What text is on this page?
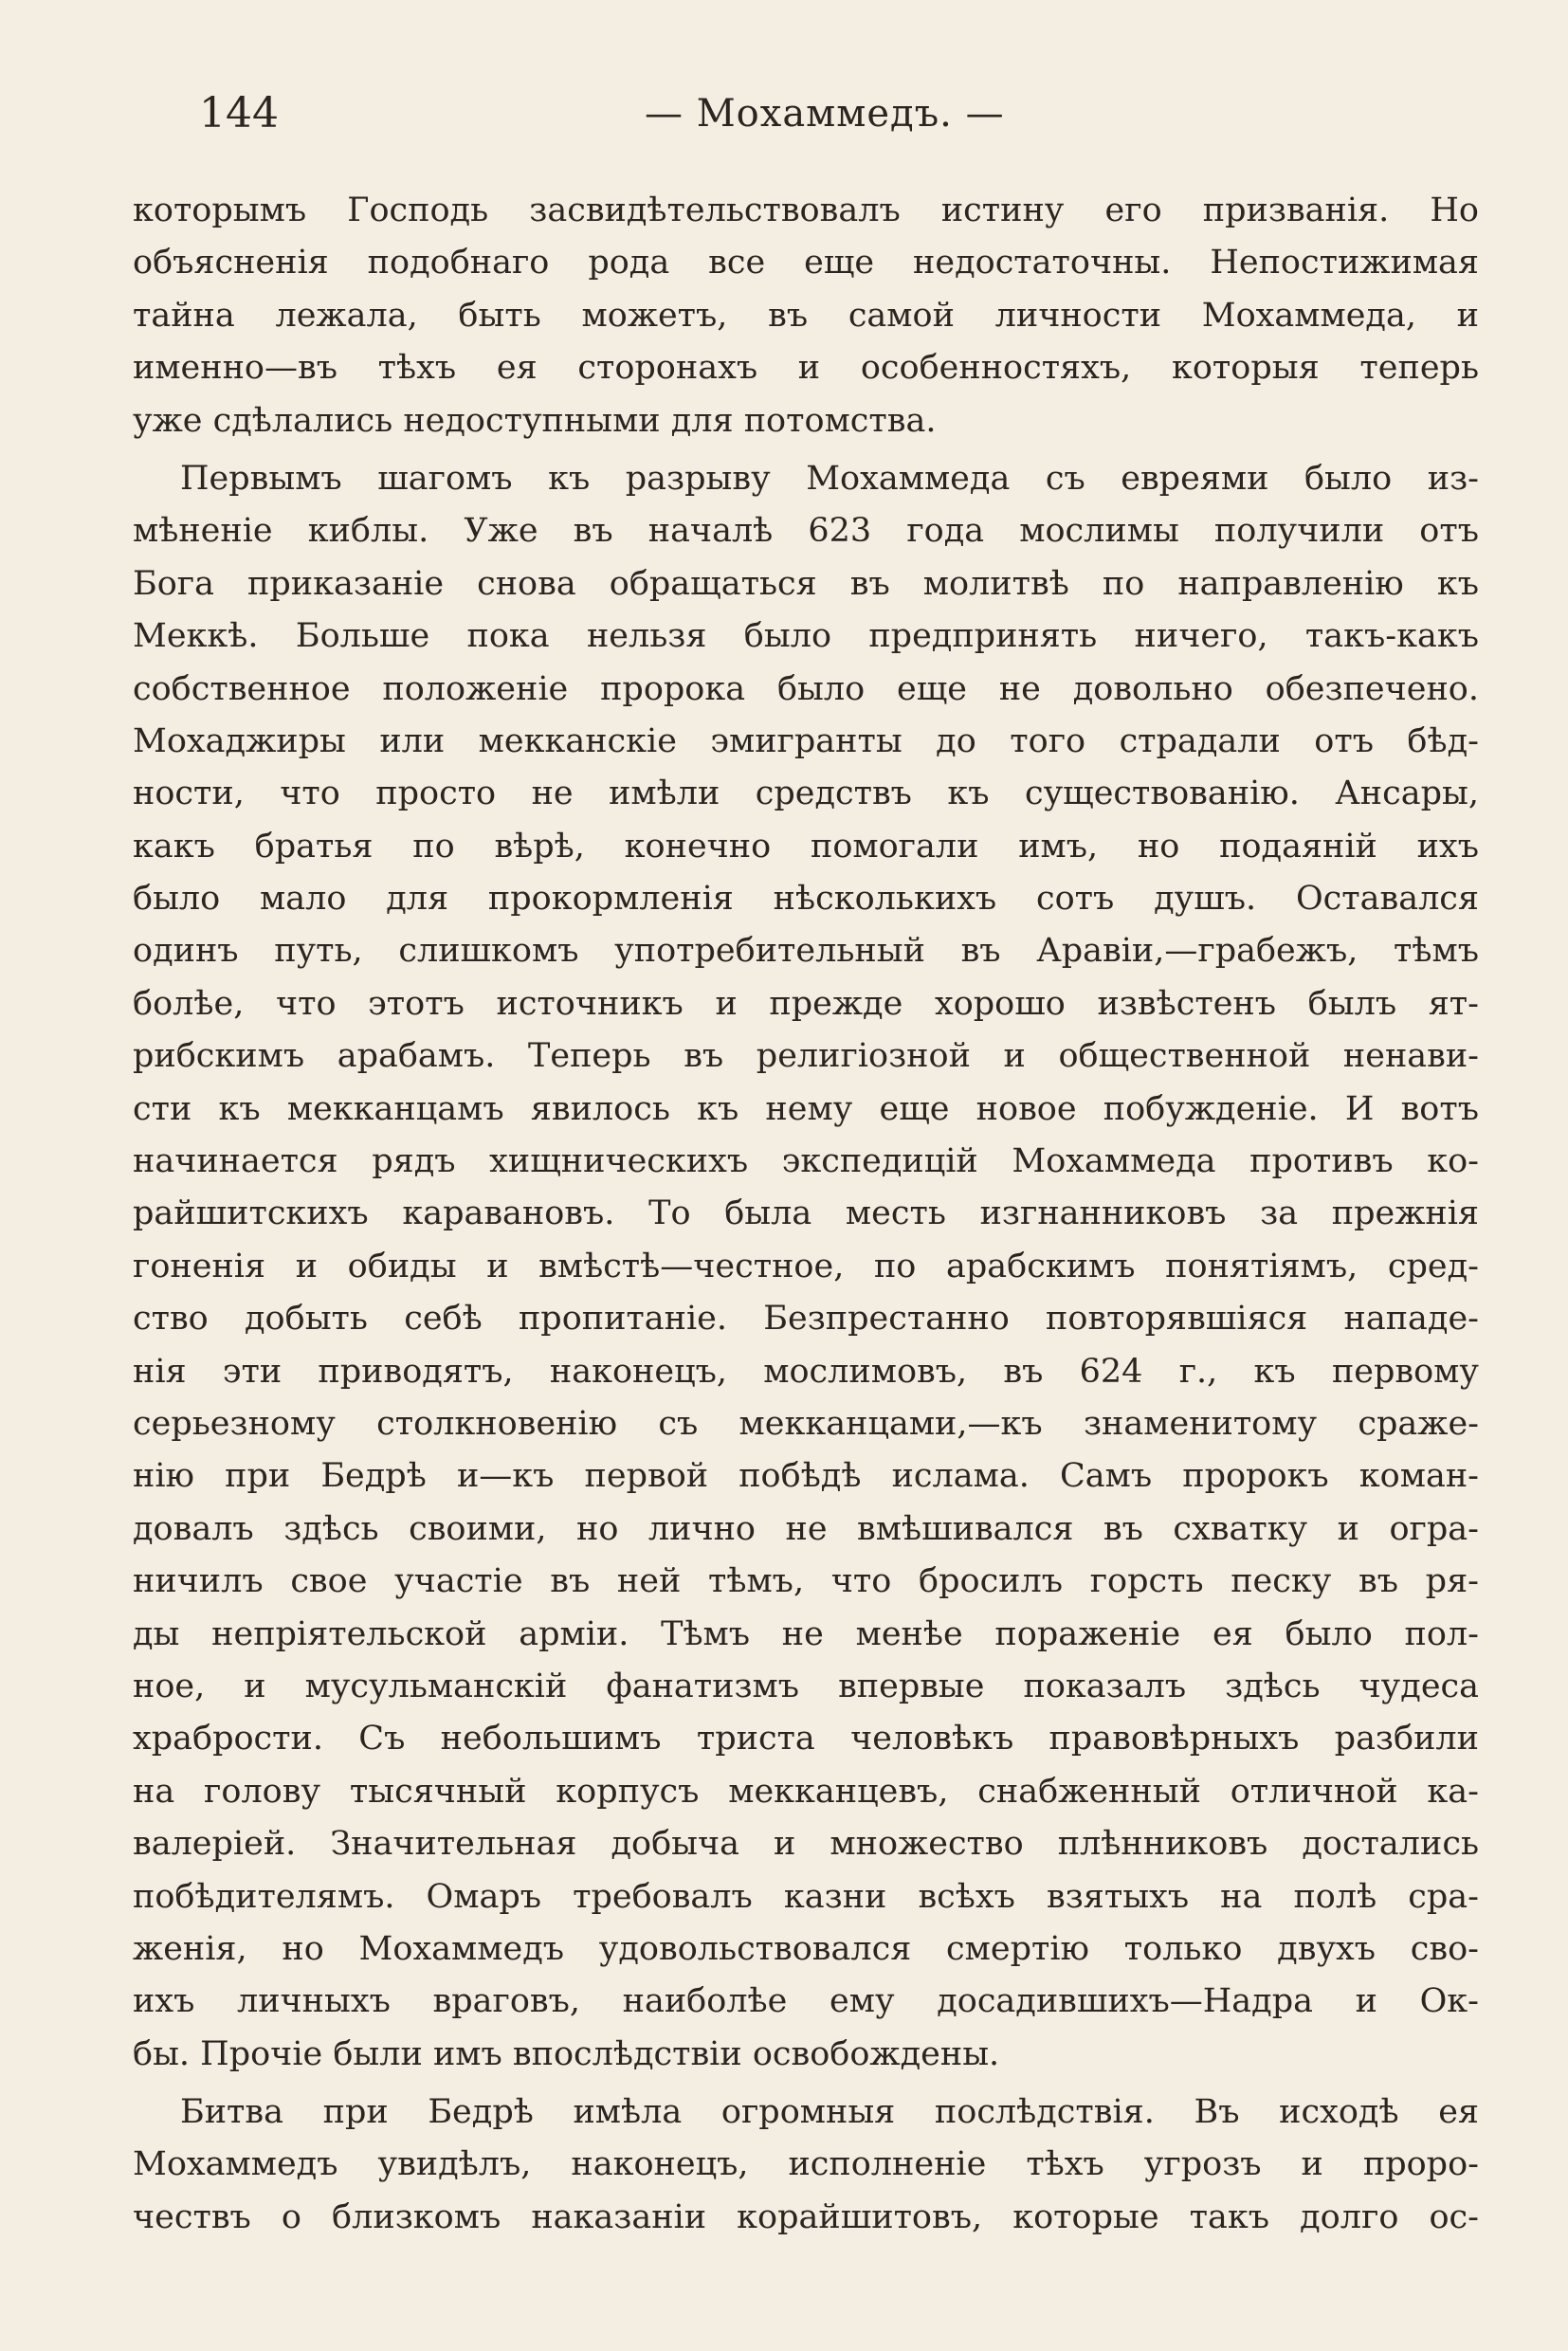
144	— Мохаммедъ. —
которымъ Господь засвидѣтельствовалъ истину его призванія. Но
объясненія подобнаго рода все еще недостаточны. Непостижимая
тайна лежала, быть можетъ, въ самой личности Мохаммеда, и
именно—въ тѣхъ ея сторонахъ и особенностяхъ, которыя теперь
уже сдѣлались недоступными для потомства.
Первымъ шагомъ къ разрыву Мохаммеда съ евреями было из-
мѣненіе киблы. Уже въ началѣ 623 года мослимы получили отъ
Бога приказаніе снова обращаться въ молитвѣ по направленію къ
Меккѣ. Больше пока нельзя было предпринять ничего, такъ-какъ
собственное положеніе пророка было еще не довольно обезпечено.
Мохаджиры или мекканскіе эмигранты до того страдали отъ бѣд-
ности, что просто не имѣли средствъ къ существованію. Ансары,
какъ братья по вѣрѣ, конечно помогали имъ, но подаяній ихъ
было мало для прокормленія нѣсколькихъ сотъ душъ. Оставался
одинъ путь, слишкомъ употребительный въ Аравіи,—грабежъ, тѣмъ
болѣе, что этотъ источникъ и прежде хорошо извѣстенъ былъ ят-
рибскимъ арабамъ. Теперь въ религіозной и общественной ненави-
сти къ мекканцамъ явилось къ нему еще новое побужденіе. И вотъ
начинается рядъ хищническихъ экспедицій Мохаммеда противъ ко-
райшитскихъ каравановъ. То была месть изгнанниковъ за прежнія
гоненія и обиды и вмѣстѣ—честное, по арабскимъ понятіямъ, сред-
ство добыть себѣ пропитаніе. Безпрестанно повторявшіяся нападе-
нія эти приводятъ, наконецъ, мослимовъ, въ 624 г., къ первому
серьезному столкновенію съ мекканцами,—къ знаменитому сраже-
нію при Бедрѣ и—къ первой побѣдѣ ислама. Самъ пророкъ коман-
довалъ здѣсь своими, но лично не вмѣшивался въ схватку и огра-
ничилъ свое участіе въ ней тѣмъ, что бросилъ горсть песку въ ря-
ды непріятельской арміи. Тѣмъ не менѣе пораженіе ея было пол-
ное, и мусульманскій фанатизмъ впервые показалъ здѣсь чудеса
храбрости. Съ небольшимъ триста человѣкъ правовѣрныхъ разбили
на голову тысячный корпусъ мекканцевъ, снабженный отличной ка-
валеріей. Значительная добыча и множество плѣнниковъ достались
побѣдителямъ. Омаръ требовалъ казни всѣхъ взятыхъ на полѣ сра-
женія, но Мохаммедъ удовольствовался смертію только двухъ сво-
ихъ личныхъ враговъ, наиболѣе ему досадившихъ—Надра и Ок-
бы. Прочіе были имъ впослѣдствіи освобождены.
Битва при Бедрѣ имѣла огромныя послѣдствія. Въ исходѣ ея
Мохаммедъ увидѣлъ, наконецъ, исполненіе тѣхъ угрозъ и проро-
чествъ о близкомъ наказаніи корайшитовъ, которые такъ долго ос-
